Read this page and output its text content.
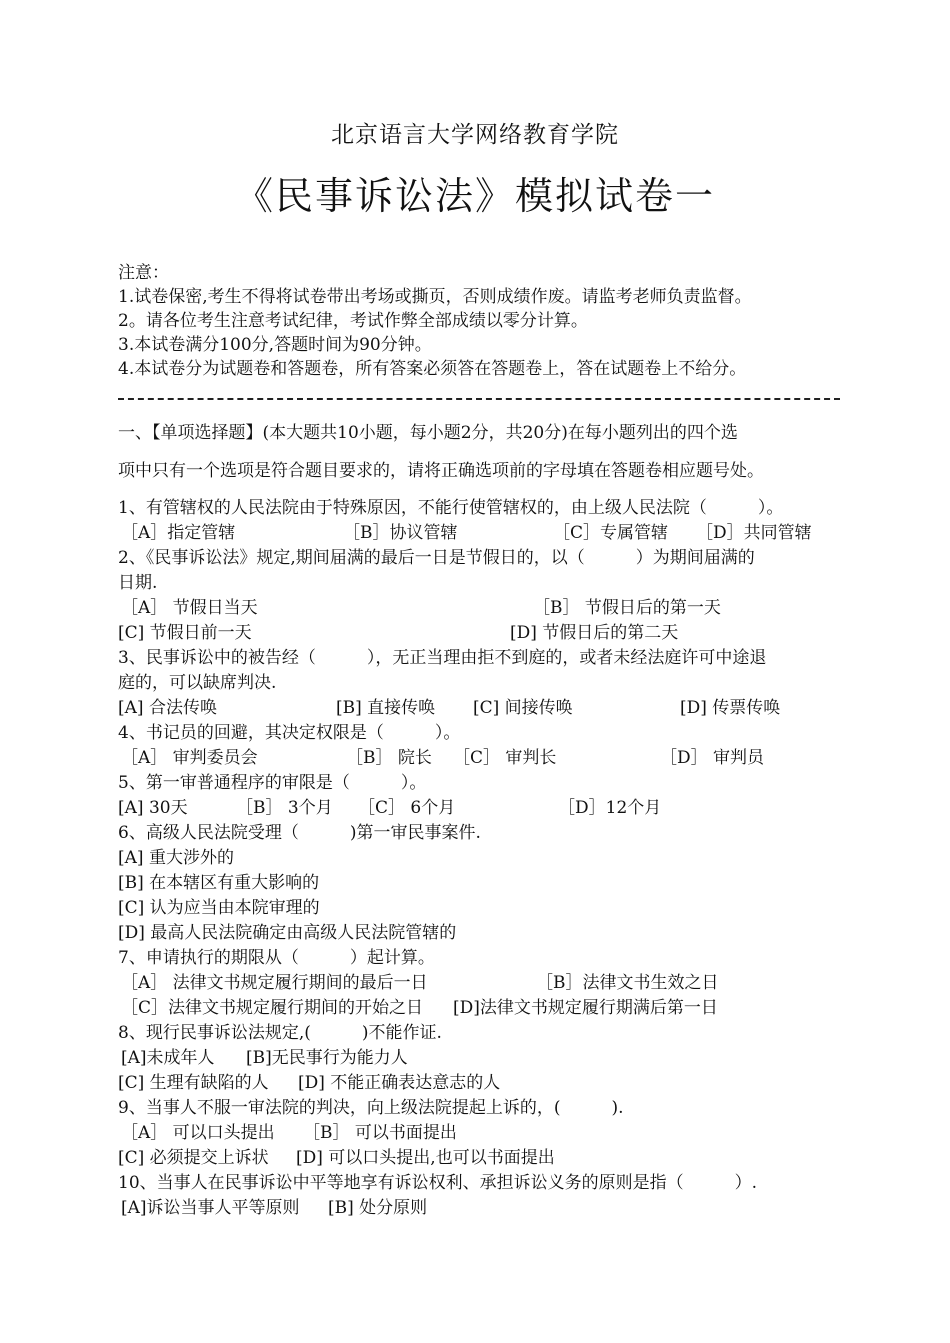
北京语言大学网络教育学院
《民事诉讼法》模拟试卷一
注意：
1.试卷保密,考生不得将试卷带出考场或撕页，否则成绩作废。请监考老师负责监督。
2。请各位考生注意考试纪律，考试作弊全部成绩以零分计算。
3.本试卷满分100分,答题时间为90分钟。
4.本试卷分为试题卷和答题卷，所有答案必须答在答题卷上，答在试题卷上不给分。
一、【单项选择题】(本大题共10小题，每小题2分，共20分)在每小题列出的四个选
项中只有一个选项是符合题目要求的，请将正确选项前的字母填在答题卷相应题号处。
1、有管辖权的人民法院由于特殊原因，不能行使管辖权的，由上级人民法院（　　　）。
［A］指定管辖	［B］协议管辖	［C］专属管辖 ［D］共同管辖
2、《民事诉讼法》规定,期间届满的最后一日是节假日的，以（　　　）为期间届满的
日期.
［A］ 节假日当天	［B］ 节假日后的第一天
[C] 节假日前一天	[D] 节假日后的第二天
3、民事诉讼中的被告经（　　　），无正当理由拒不到庭的，或者未经法庭许可中途退
庭的，可以缺席判决.
[A] 合法传唤	[B] 直接传唤 [C] 间接传唤	[D] 传票传唤
4、书记员的回避，其决定权限是（　　　）。
［A］ 审判委员会	［B］ 院长 ［C］ 审判长	［D］ 审判员
5、第一审普通程序的审限是（　　　）。
[A] 30天	［B］ 3个月 ［C］ 6个月	［D］12个月
6、高级人民法院受理（　　　)第一审民事案件.
[A] 重大涉外的
[B] 在本辖区有重大影响的
[C] 认为应当由本院审理的
[D] 最高人民法院确定由高级人民法院管辖的
7、申请执行的期限从（　　　）起计算。
［A］ 法律文书规定履行期间的最后一日	［B］法律文书生效之日
［C］法律文书规定履行期间的开始之日 [D]法律文书规定履行期满后第一日
8、现行民事诉讼法规定,(　　　)不能作证.
[A]未成年人 [B]无民事行为能力人
[C] 生理有缺陷的人 [D] 不能正确表达意志的人
9、当事人不服一审法院的判决，向上级法院提起上诉的，(　　　).
［A］ 可以口头提出 ［B］ 可以书面提出
[C] 必须提交上诉状 [D] 可以口头提出,也可以书面提出
10、当事人在民事诉讼中平等地享有诉讼权利、承担诉讼义务的原则是指（　　　）.
[A]诉讼当事人平等原则 [B] 处分原则
